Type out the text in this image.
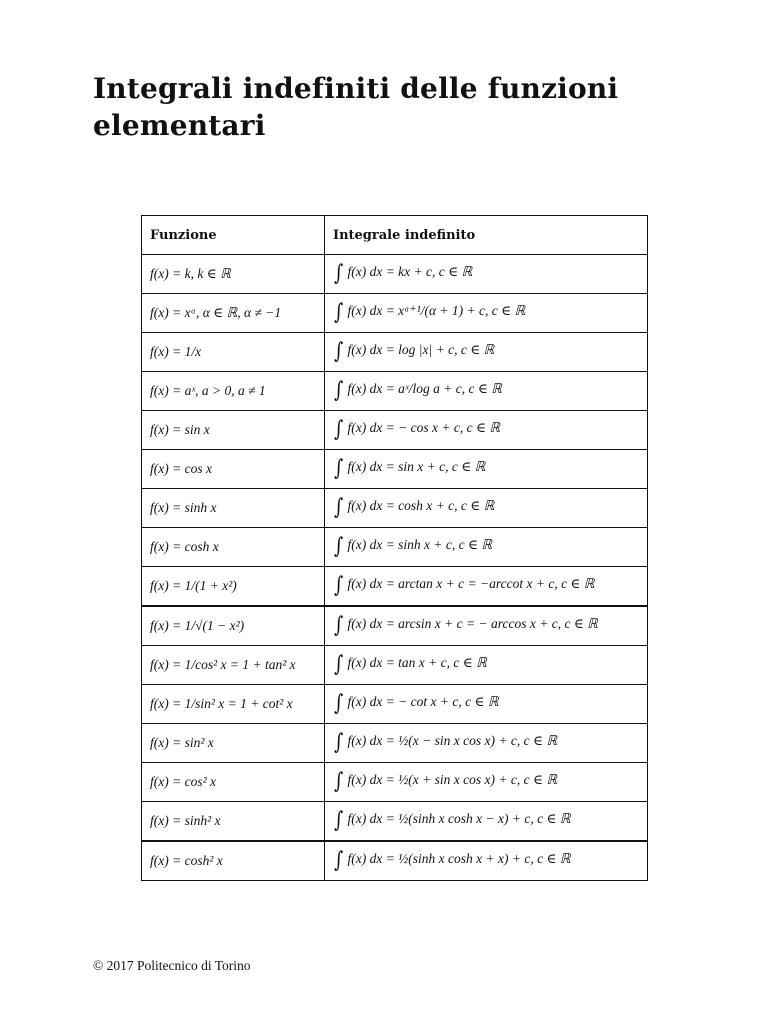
Integrali indefiniti delle funzioni elementari
Funzione	Integrale indefinito
f(x) = k, k ∈ ℝ	∫ f(x) dx = kx + c, c ∈ ℝ
f(x) = xᵅ, α ∈ ℝ, α ≠ −1	∫ f(x) dx = xᵅ⁺¹/(α + 1) + c, c ∈ ℝ
f(x) = 1/x	∫ f(x) dx = log |x| + c, c ∈ ℝ
f(x) = aˣ, a > 0, a ≠ 1	∫ f(x) dx = aˣ/log a + c, c ∈ ℝ
f(x) = sin x	∫ f(x) dx = − cos x + c, c ∈ ℝ
f(x) = cos x	∫ f(x) dx = sin x + c, c ∈ ℝ
f(x) = sinh x	∫ f(x) dx = cosh x + c, c ∈ ℝ
f(x) = cosh x	∫ f(x) dx = sinh x + c, c ∈ ℝ
f(x) = 1/(1 + x²)	∫ f(x) dx = arctan x + c = −arccot x + c, c ∈ ℝ
f(x) = 1/√(1 − x²)	∫ f(x) dx = arcsin x + c = − arccos x + c, c ∈ ℝ
f(x) = 1/cos² x = 1 + tan² x	∫ f(x) dx = tan x + c, c ∈ ℝ
f(x) = 1/sin² x = 1 + cot² x	∫ f(x) dx = − cot x + c, c ∈ ℝ
f(x) = sin² x	∫ f(x) dx = ½(x − sin x cos x) + c, c ∈ ℝ
f(x) = cos² x	∫ f(x) dx = ½(x + sin x cos x) + c, c ∈ ℝ
f(x) = sinh² x	∫ f(x) dx = ½(sinh x cosh x − x) + c, c ∈ ℝ
f(x) = cosh² x	∫ f(x) dx = ½(sinh x cosh x + x) + c, c ∈ ℝ
© 2017 Politecnico di Torino
